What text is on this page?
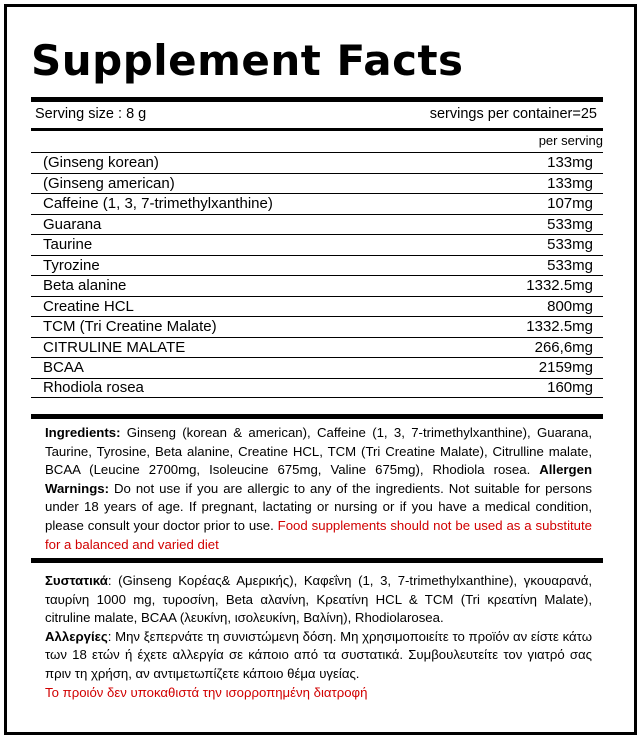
Supplement Facts
Serving size : 8 g	servings per container=25
per serving
(Ginseng korean)	133mg
(Ginseng american)	133mg
Caffeine (1, 3, 7-trimethylxanthine)	107mg
Guarana	533mg
Taurine	533mg
Tyrozine	533mg
Beta alanine	1332.5mg
Creatine HCL	800mg
TCM (Tri Creatine Malate)	1332.5mg
CITRULINE MALATE	266,6mg
BCAA	2159mg
Rhodiola rosea	160mg
Ingredients: Ginseng (korean & american), Caffeine (1, 3, 7-trimethylxanthine), Guarana, Taurine, Tyrosine, Beta alanine, Creatine HCL, TCM (Tri Creatine Malate), Citrulline malate, BCAA (Leucine 2700mg, Isoleucine 675mg, Valine 675mg), Rhodiola rosea. Allergen Warnings: Do not use if you are allergic to any of the ingredients. Not suitable for persons under 18 years of age. If pregnant, lactating or nursing or if you have a medical condition, please consult your doctor prior to use. Food supplements should not be used as a substitute for a balanced and varied diet
Συστατικά: (Ginseng Κορέας& Αμερικής), Καφεΐνη (1, 3, 7-trimethylxanthine), γκουαρανά, ταυρίνη 1000 mg, τυροσίνη, Beta αλανίνη, Κρεατίνη HCL & TCM (Tri κρεατίνη Malate), citruline malate, BCAA (λευκίνη, ισολευκίνη, Βαλίνη), Rhodiolarosea.
Αλλεργίες: Μην ξεπερνάτε τη συνιστώμενη δόση. Μη χρησιμοποιείτε το προϊόν αν είστε κάτω των 18 ετών ή έχετε αλλεργία σε κάποιο από τα συστατικά. Συμβουλευτείτε τον γιατρό σας πριν τη χρήση, αν αντιμετωπίζετε κάποιο θέμα υγείας.
Το προιόν δεν υποκαθιστά την ισορροπημένη διατροφή
